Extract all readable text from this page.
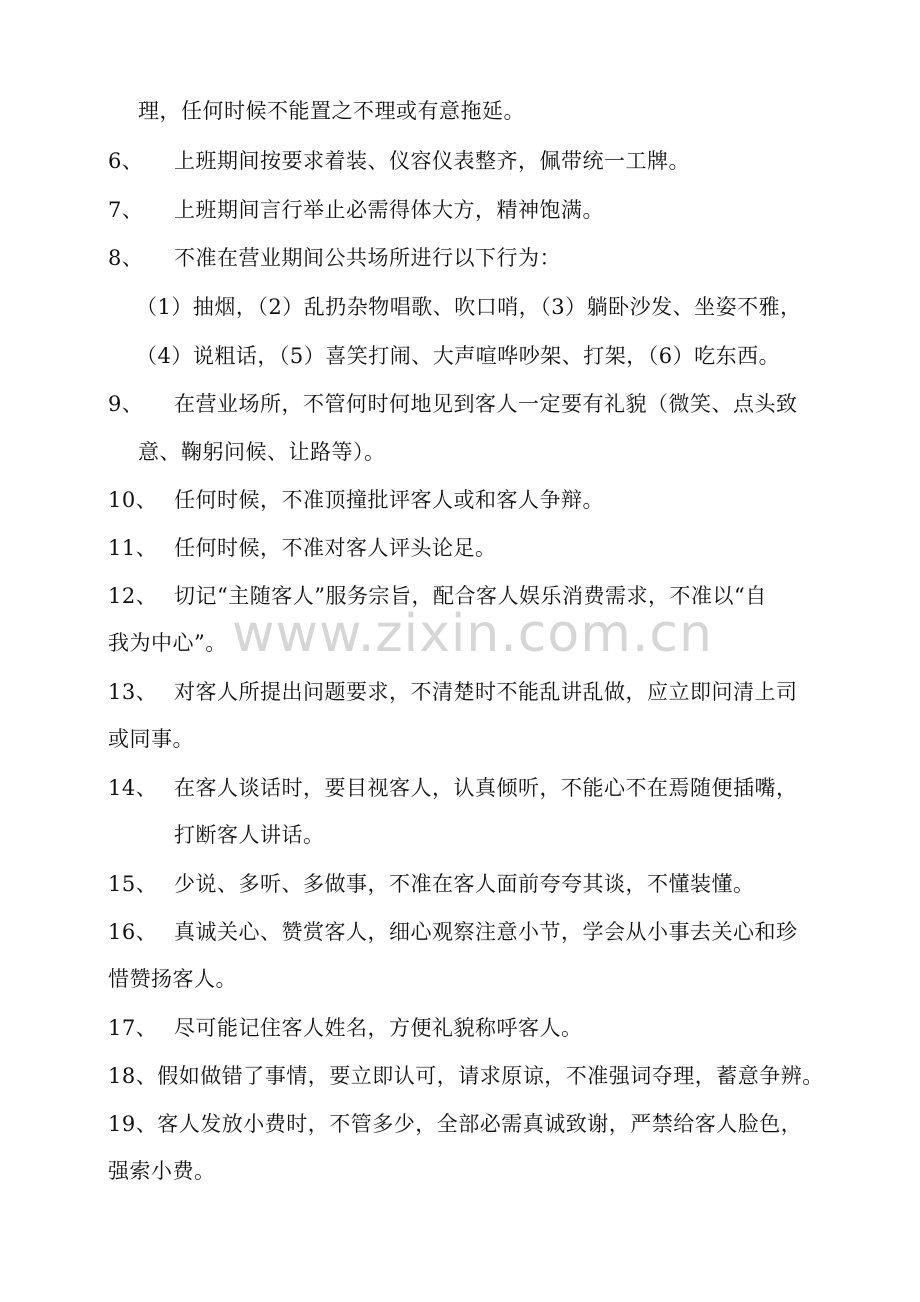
www.zixin.com.cn
理，任何时候不能置之不理或有意拖延。
6、 上班期间按要求着装、仪容仪表整齐，佩带统一工牌。
7、 上班期间言行举止必需得体大方，精神饱满。
8、 不准在营业期间公共场所进行以下行为：
（1）抽烟，（2）乱扔杂物唱歌、吹口哨，（3）躺卧沙发、坐姿不雅，
（4）说粗话，（5）喜笑打闹、大声喧哗吵架、打架，（6）吃东西。
9、 在营业场所，不管何时何地见到客人一定要有礼貌（微笑、点头致
意、鞠躬问候、让路等）。
10、 任何时候，不准顶撞批评客人或和客人争辩。
11、 任何时候，不准对客人评头论足。
12、 切记“主随客人”服务宗旨，配合客人娱乐消费需求，不准以“自
我为中心”。
13、 对客人所提出问题要求，不清楚时不能乱讲乱做，应立即问清上司
或同事。
14、 在客人谈话时，要目视客人，认真倾听，不能心不在焉随便插嘴，
打断客人讲话。
15、 少说、多听、多做事，不准在客人面前夸夸其谈，不懂装懂。
16、 真诚关心、赞赏客人，细心观察注意小节，学会从小事去关心和珍
惜赞扬客人。
17、 尽可能记住客人姓名，方便礼貌称呼客人。
18、假如做错了事情，要立即认可，请求原谅，不准强词夺理，蓄意争辨。
19、客人发放小费时，不管多少，全部必需真诚致谢，严禁给客人脸色，
强索小费。
